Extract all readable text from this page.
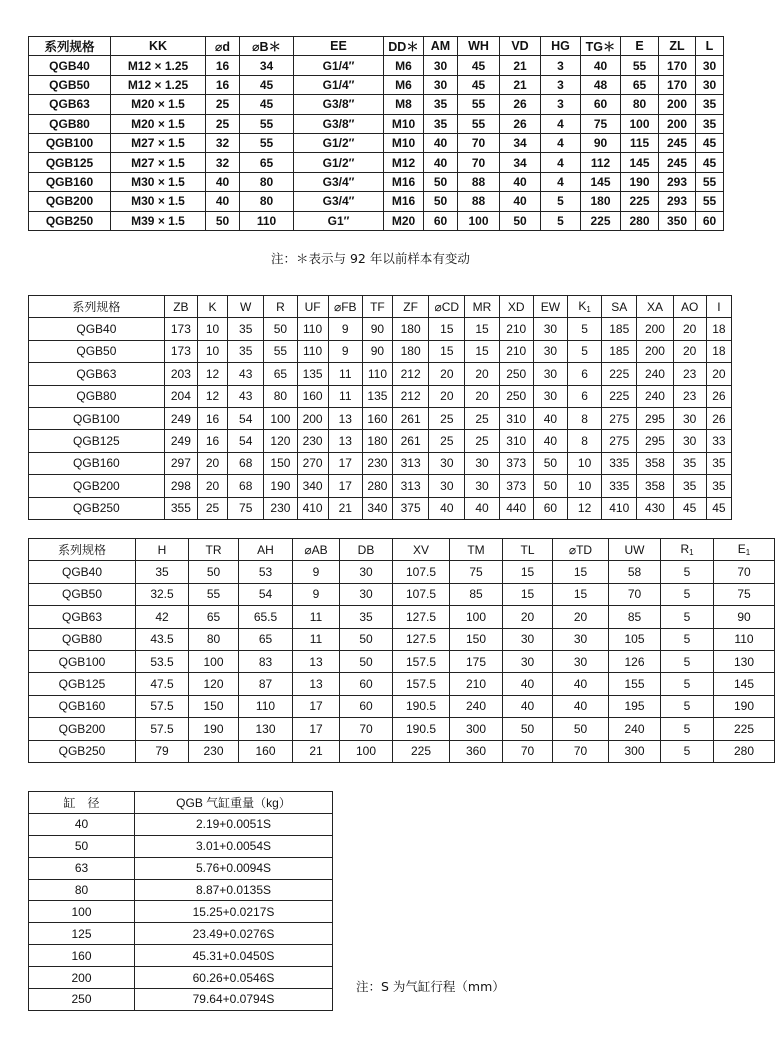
系列规格	KK	⌀d	⌀B＊	EE	DD＊	AM	WH	VD	HG	TG＊	E	ZL	L
QGB40	M12 × 1.25	16	34	G1/4″	M6	30	45	21	3	40	55	170	30
QGB50	M12 × 1.25	16	45	G1/4″	M6	30	45	21	3	48	65	170	30
QGB63	M20 × 1.5	25	45	G3/8″	M8	35	55	26	3	60	80	200	35
QGB80	M20 × 1.5	25	55	G3/8″	M10	35	55	26	4	75	100	200	35
QGB100	M27 × 1.5	32	55	G1/2″	M10	40	70	34	4	90	115	245	45
QGB125	M27 × 1.5	32	65	G1/2″	M12	40	70	34	4	112	145	245	45
QGB160	M30 × 1.5	40	80	G3/4″	M16	50	88	40	4	145	190	293	55
QGB200	M30 × 1.5	40	80	G3/4″	M16	50	88	40	5	180	225	293	55
QGB250	M39 × 1.5	50	110	G1″	M20	60	100	50	5	225	280	350	60
注：＊表示与 92 年以前样本有变动
系列规格	ZB	K	W	R	UF	⌀FB	TF	ZF	⌀CD	MR	XD	EW	$K_1$	SA	XA	AO	I
QGB40	173	10	35	50	110	9	90	180	15	15	210	30	5	185	200	20	18
QGB50	173	10	35	55	110	9	90	180	15	15	210	30	5	185	200	20	18
QGB63	203	12	43	65	135	11	110	212	20	20	250	30	6	225	240	23	20
QGB80	204	12	43	80	160	11	135	212	20	20	250	30	6	225	240	23	26
QGB100	249	16	54	100	200	13	160	261	25	25	310	40	8	275	295	30	26
QGB125	249	16	54	120	230	13	180	261	25	25	310	40	8	275	295	30	33
QGB160	297	20	68	150	270	17	230	313	30	30	373	50	10	335	358	35	35
QGB200	298	20	68	190	340	17	280	313	30	30	373	50	10	335	358	35	35
QGB250	355	25	75	230	410	21	340	375	40	40	440	60	12	410	430	45	45
系列规格	H	TR	AH	⌀AB	DB	XV	TM	TL	⌀TD	UW	$R_1$	$E_1$
QGB40	35	50	53	9	30	107.5	75	15	15	58	5	70
QGB50	32.5	55	54	9	30	107.5	85	15	15	70	5	75
QGB63	42	65	65.5	11	35	127.5	100	20	20	85	5	90
QGB80	43.5	80	65	11	50	127.5	150	30	30	105	5	110
QGB100	53.5	100	83	13	50	157.5	175	30	30	126	5	130
QGB125	47.5	120	87	13	60	157.5	210	40	40	155	5	145
QGB160	57.5	150	110	17	60	190.5	240	40	40	195	5	190
QGB200	57.5	190	130	17	70	190.5	300	50	50	240	5	225
QGB250	79	230	160	21	100	225	360	70	70	300	5	280
缸　径	QGB 气缸重量（kg）
40	2.19+0.0051S
50	3.01+0.0054S
63	5.76+0.0094S
80	8.87+0.0135S
100	15.25+0.0217S
125	23.49+0.0276S
160	45.31+0.0450S
200	60.26+0.0546S
250	79.64+0.0794S
注：S 为气缸行程（mm）
